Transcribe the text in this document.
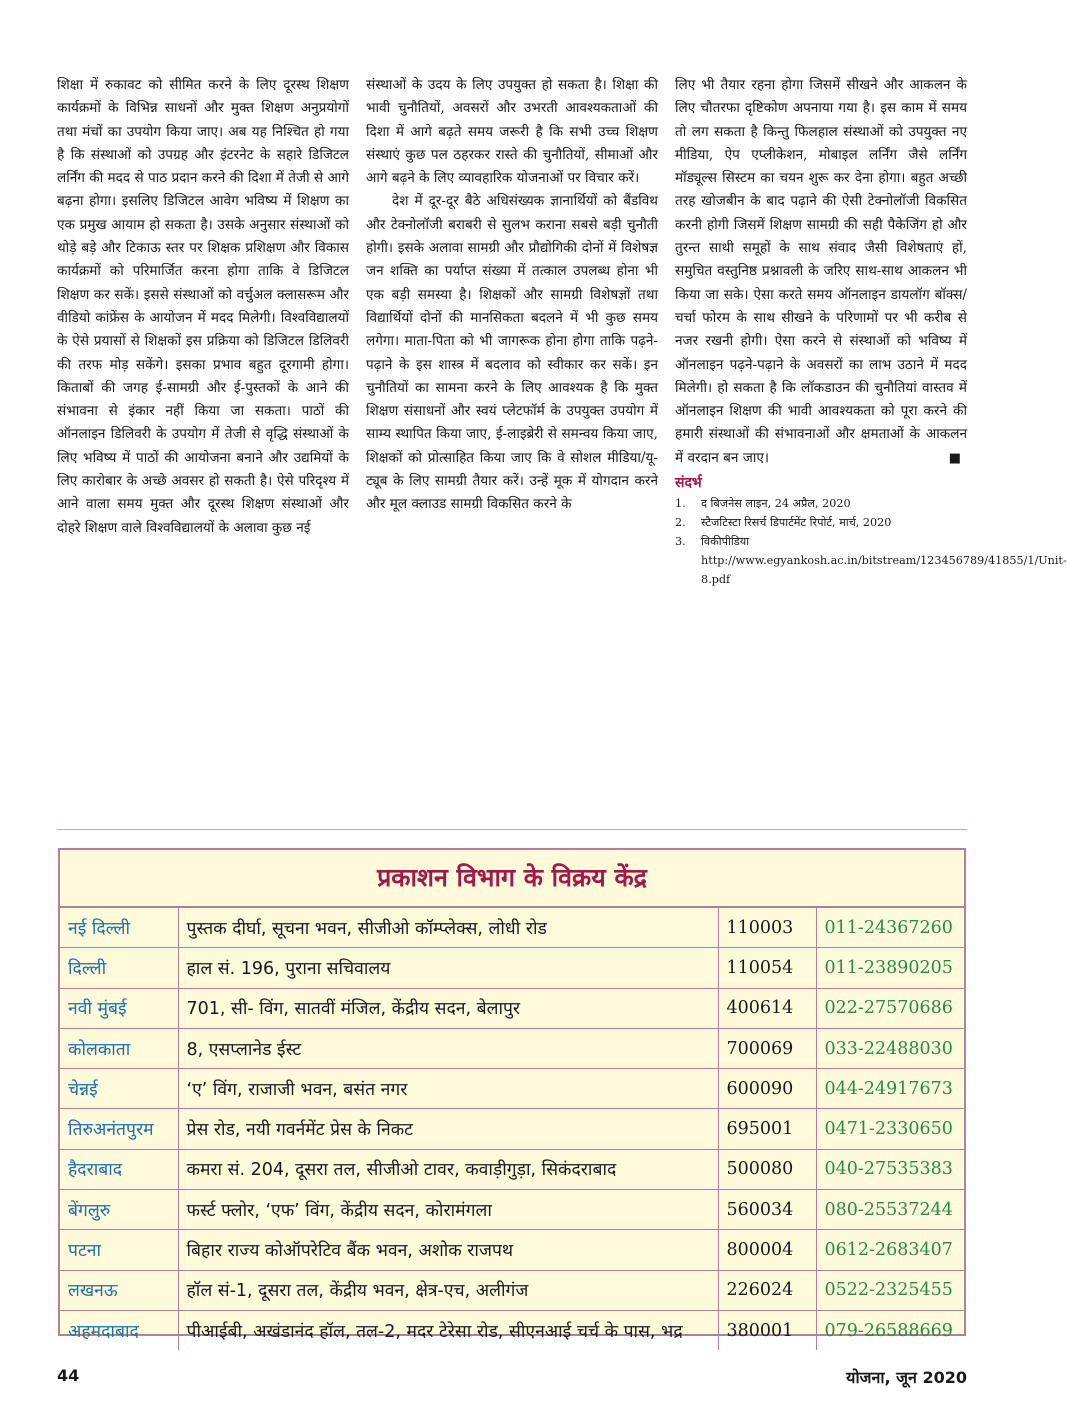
शिक्षा में रुकावट को सीमित करने के लिए दूरस्थ शिक्षण कार्यक्रमों के विभिन्न साधनों और मुक्त शिक्षण अनुप्रयोगों तथा मंचों का उपयोग किया जाए। अब यह निश्चित हो गया है कि संस्थाओं को उपग्रह और इंटरनेट के सहारे डिजिटल लर्निंग की मदद से पाठ प्रदान करने की दिशा में तेजी से आगे बढ़ना होगा। इसलिए डिजिटल आवेग भविष्य में शिक्षण का एक प्रमुख आयाम हो सकता है। उसके अनुसार संस्थाओं को थोड़े बड़े और टिकाऊ स्तर पर शिक्षक प्रशिक्षण और विकास कार्यक्रमों को परिमार्जित करना होगा ताकि वे डिजिटल शिक्षण कर सकें। इससे संस्थाओं को वर्चुअल क्लासरूम और वीडियो कांफ्रेंस के आयोजन में मदद मिलेगी। विश्वविद्यालयों के ऐसे प्रयासों से शिक्षकों इस प्रक्रिया को डिजिटल डिलिवरी की तरफ मोड़ सकेंगे। इसका प्रभाव बहुत दूरगामी होगा। किताबों की जगह ई-सामग्री और ई-पुस्तकों के आने की संभावना से इंकार नहीं किया जा सकता। पाठों की ऑनलाइन डिलिवरी के उपयोग में तेजी से वृद्धि संस्थाओं के लिए भविष्य में पाठों की आयोजना बनाने और उद्यमियों के लिए कारोबार के अच्छे अवसर हो सकती है। ऐसे परिदृश्य में आने वाला समय मुक्त और दूरस्थ शिक्षण संस्थाओं और दोहरे शिक्षण वाले विश्वविद्यालयों के अलावा कुछ नई

संस्थाओं के उदय के लिए उपयुक्त हो सकता है। शिक्षा की भावी चुनौतियों, अवसरों और उभरती आवश्यकताओं की दिशा में आगे बढ़ते समय जरूरी है कि सभी उच्च शिक्षण संस्थाएं कुछ पल ठहरकर रास्ते की चुनौतियों, सीमाओं और आगे बढ़ने के लिए व्यावहारिक योजनाओं पर विचार करें।

देश में दूर-दूर बैठे अधिसंख्यक ज्ञानार्थियों को बैंडविथ और टेक्नोलॉजी बराबरी से सुलभ कराना सबसे बड़ी चुनौती होगी। इसके अलावा सामग्री और प्रौद्योगिकी दोनों में विशेषज्ञ जन शक्ति का पर्याप्त संख्या में तत्काल उपलब्ध होना भी एक बड़ी समस्या है। शिक्षकों और सामग्री विशेषज्ञों तथा विद्यार्थियों दोनों की मानसिकता बदलने में भी कुछ समय लगेगा। माता-पिता को भी जागरूक होना होगा ताकि पढ़ने-पढ़ाने के इस शास्त्र में बदलाव को स्वीकार कर सकें। इन चुनौतियों का सामना करने के लिए आवश्यक है कि मुक्त शिक्षण संसाधनों और स्वयं प्लेटफॉर्म के उपयुक्त उपयोग में साम्य स्थापित किया जाए, ई-लाइब्रेरी से समन्वय किया जाए, शिक्षकों को प्रोत्साहित किया जाए कि वे सोशल मीडिया/यू-ट्यूब के लिए सामग्री तैयार करें। उन्हें मूक में योगदान करने और मूल क्लाउड सामग्री विकसित करने के

लिए भी तैयार रहना होगा जिसमें सीखने और आकलन के लिए चौतरफा दृष्टिकोण अपनाया गया है। इस काम में समय तो लग सकता है किन्तु फिलहाल संस्थाओं को उपयुक्त नए मीडिया, ऐप एप्लीकेशन, मोबाइल लर्निंग जैसे लर्निंग मॉड्यूल्स सिस्टम का चयन शुरू कर देना होगा। बहुत अच्छी तरह खोजबीन के बाद पढ़ाने की ऐसी टेक्नोलॉजी विकसित करनी होगी जिसमें शिक्षण सामग्री की सही पैकेजिंग हो और तुरन्त साथी समूहों के साथ संवाद जैसी विशेषताएं हों, समुचित वस्तुनिष्ठ प्रश्नावली के जरिए साथ-साथ आकलन भी किया जा सके। ऐसा करते समय ऑनलाइन डायलॉग बॉक्स/चर्चा फोरम के साथ सीखने के परिणामों पर भी करीब से नजर रखनी होगी। ऐसा करने से संस्थाओं को भविष्य में ऑनलाइन पढ़ने-पढ़ाने के अवसरों का लाभ उठाने में मदद मिलेगी। हो सकता है कि लॉकडाउन की चुनौतियां वास्तव में ऑनलाइन शिक्षण की भावी आवश्यकता को पूरा करने की हमारी संस्थाओं की संभावनाओं और क्षमताओं के आकलन में वरदान बन जाए।	■

संदर्भ
1.	द बिजनेस लाइन, 24 अप्रैल, 2020
2.	स्टैजटिस्टा रिसर्च डिपार्टमेंट रिपोर्ट, मार्च, 2020
3.	विकीपीडिया http://www.egyankosh.ac.in/bitstream/123456789/41855/1/Unit-8.pdf
प्रकाशन विभाग के विक्रय केंद्र
नई दिल्ली	पुस्तक दीर्घा, सूचना भवन, सीजीओ कॉम्प्लेक्स, लोधी रोड	110003	011-24367260
दिल्ली	हाल सं. 196, पुराना सचिवालय	110054	011-23890205
नवी मुंबई	701, सी- विंग, सातवीं मंजिल, केंद्रीय सदन, बेलापुर	400614	022-27570686
कोलकाता	8, एसप्लानेड ईस्ट	700069	033-22488030
चेन्नई	‘ए’ विंग, राजाजी भवन, बसंत नगर	600090	044-24917673
तिरुअनंतपुरम	प्रेस रोड, नयी गवर्नमेंट प्रेस के निकट	695001	0471-2330650
हैदराबाद	कमरा सं. 204, दूसरा तल, सीजीओ टावर, कवाड़ीगुड़ा, सिकंदराबाद	500080	040-27535383
बेंगलुरु	फर्स्ट फ्लोर, ‘एफ’ विंग, केंद्रीय सदन, कोरामंगला	560034	080-25537244
पटना	बिहार राज्य कोऑपरेटिव बैंक भवन, अशोक राजपथ	800004	0612-2683407
लखनऊ	हॉल सं-1, दूसरा तल, केंद्रीय भवन, क्षेत्र-एच, अलीगंज	226024	0522-2325455
अहमदाबाद	पीआईबी, अखंडानंद हॉल, तल-2, मदर टेरेसा रोड, सीएनआई चर्च के पास, भद्र	380001	079-26588669
44	योजना, जून 2020
